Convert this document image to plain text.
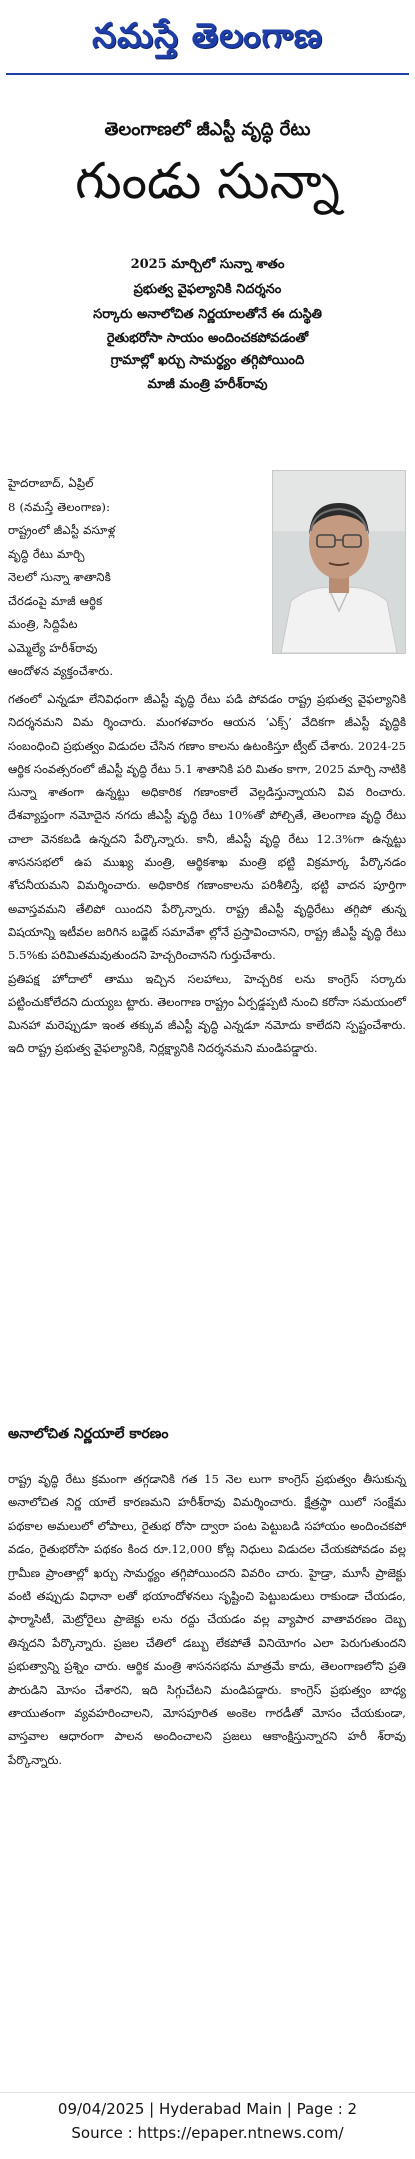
నమస్తే తెలంగాణ
తెలంగాణలో జీఎస్టీ వృద్ధి రేటు
గుండు సున్నా
2025 మార్చిలో సున్నా శాతం
ప్రభుత్వ వైఫల్యానికి నిదర్శనం
సర్కారు అనాలోచిత నిర్ణయాలతోనే ఈ దుస్థితి
రైతుభరోసా సాయం అందించకపోవడంతో
గ్రామాల్లో ఖర్చు సామర్థ్యం తగ్గిపోయింది
మాజీ మంత్రి హరీశ్‌రావు

హైదరాబాద్‌, ఏప్రిల్‌

8 (నమస్తే తెలంగాణ):

రాష్ట్రంలో జీఎస్టీ వసూళ్ల

వృద్ధి రేటు మార్చి

నెలలో సున్నా శాతానికి

చేరడంపై మాజీ ఆర్థిక

మంత్రి, సిద్దిపేట

ఎమ్మెల్యే హరీశ్‌రావు

ఆందోళన వ్యక్తంచేశారు.

గతంలో ఎన్నడూ లేనివిధంగా జీఎస్టీ వృద్ధి రేటు పడి పోవడం రాష్ట్ర ప్రభుత్వ వైఫల్యానికి నిదర్శనమని విమ ర్శించారు. మంగళవారం ఆయన ‘ఎక్స్‌’ వేదికగా జీఎస్టీ వృద్ధికి సంబంధించి ప్రభుత్వం విడుదల చేసిన గణాం కాలను ఉటంకిస్తూ ట్వీట్‌ చేశారు. 2024-25 ఆర్థిక సంవత్సరంలో జీఎస్టీ వృద్ధి రేటు 5.1 శాతానికి పరి మితం కాగా, 2025 మార్చి నాటికి సున్నా శాతంగా ఉన్నట్టు అధికారిక గణాంకాలే వెల్లడిస్తున్నాయని వివ రించారు. దేశవ్యాప్తంగా నమోదైన నగదు జీఎస్టీ వృద్ధి రేటు 10%తో పోల్చితే, తెలంగాణ వృద్ధి రేటు చాలా వెనకబడి ఉన్నదని పేర్కొన్నారు. కానీ, జీఎస్టీ వృద్ధి రేటు 12.3%గా ఉన్నట్టు శాసనసభలో ఉప ముఖ్య మంత్రి, ఆర్థికశాఖ మంత్రి భట్టి విక్రమార్క పేర్కొనడం శోచనీయమని విమర్శించారు. అధికారిక గణాంకాలను పరిశీలిస్తే, భట్టి వాదన పూర్తిగా అవాస్తవమని తేలిపో యిందని పేర్కొన్నారు. రాష్ట్ర జీఎస్టీ వృద్ధిరేటు తగ్గిపో తున్న విషయాన్ని ఇటీవల జరిగిన బడ్జెట్‌ సమావేశా ల్లోనే ప్రస్తావించానని, రాష్ట్ర జీఎస్టీ వృద్ధి రేటు 5.5%కు పరిమితమవుతుందని హెచ్చరించానని గుర్తుచేశారు.

ప్రతిపక్ష హోదాలో తాము ఇచ్చిన సలహాలు, హెచ్చరిక లను కాంగ్రెస్‌ సర్కారు పట్టించుకోలేదని దుయ్యబ ట్టారు. తెలంగాణ రాష్ట్రం ఏర్పడ్డప్పటి నుంచి కరోనా సమయంలో మినహా మరెప్పుడూ ఇంత తక్కువ జీఎస్టీ వృద్ధి ఎన్నడూ నమోదు కాలేదని స్పష్టంచేశారు. ఇది రాష్ట్ర ప్రభుత్వ వైఫల్యానికి, నిర్లక్ష్యానికి నిదర్శనమని మండిపడ్డారు.

అనాలోచిత నిర్ణయాలే కారణం

రాష్ట్ర వృద్ధి రేటు క్రమంగా తగ్గడానికి గత 15 నెల లుగా కాంగ్రెస్‌ ప్రభుత్వం తీసుకున్న అనాలోచిత నిర్ణ యాలే కారణమని హరీశ్‌రావు విమర్శించారు. క్షేత్రస్థా యిలో సంక్షేమ పథకాల అమలులో లోపాలు, రైతుభ రోసా ద్వారా పంట పెట్టుబడి సహాయం అందించకపో వడం, రైతుభరోసా పథకం కింద రూ.12,000 కోట్ల నిధులు విడుదల చేయకపోవడం వల్ల గ్రామీణ ప్రాంతాల్లో ఖర్చు సామర్థ్యం తగ్గిపోయిందని వివరిం చారు. హైడ్రా, మూసీ ప్రాజెక్టు వంటి తప్పుడు విధానా లతో భయాందోళనలు సృష్టించి పెట్టుబడులు రాకుండా చేయడం, ఫార్మాసిటీ, మెట్రోరైలు ప్రాజెక్టు లను రద్దు చేయడం వల్ల వ్యాపార వాతావరణం దెబ్బ తిన్నదని పేర్కొన్నారు. ప్రజల చేతిలో డబ్బు లేకపోతే వినియోగం ఎలా పెరుగుతుందని ప్రభుత్వాన్ని ప్రశ్నిం చారు. ఆర్థిక మంత్రి శాసనసభను మాత్రమే కాదు, తెలంగాణలోని ప్రతి పౌరుడిని మోసం చేశారని, ఇది సిగ్గుచేటని మండిపడ్డారు. కాంగ్రెస్‌ ప్రభుత్వం బాధ్య తాయుతంగా వ్యవహరించాలని, మోసపూరిత అంకెల గారడీతో మోసం చేయకుండా, వాస్తవాల ఆధారంగా పాలన అందించాలని ప్రజలు ఆకాంక్షిస్తున్నారని హరీ శ్‌రావు పేర్కొన్నారు.

09/04/2025 | Hyderabad Main | Page : 2
Source : https://epaper.ntnews.com/
